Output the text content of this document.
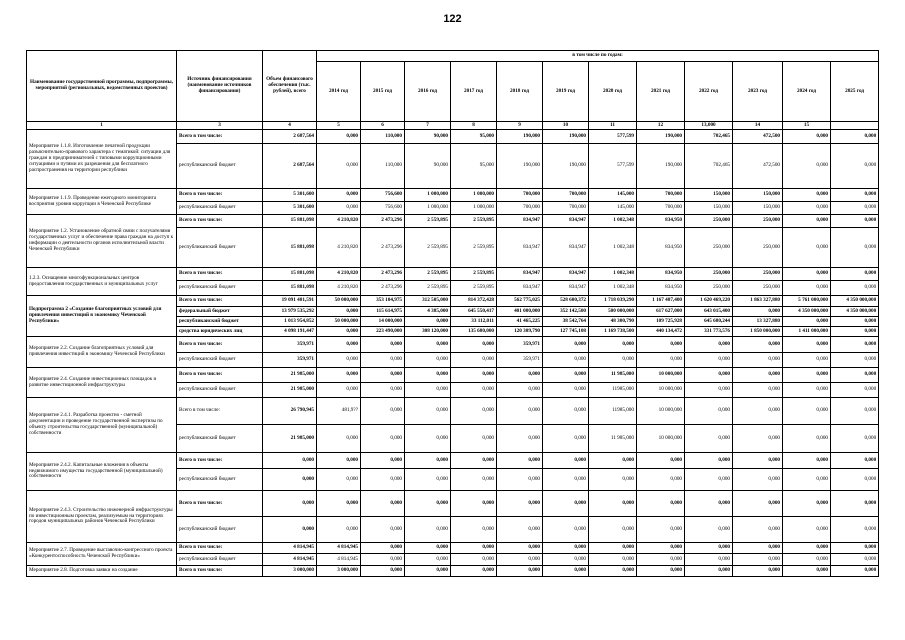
122
Наименование государственной программы, подпрограммы, мероприятий (региональных, ведомственных проектов)	Источник финансирования (наименование источников финансирования)	Объем финансового обеспечения (тыс. рублей), всего	в том числе по годам:											
			2014 год	2015 год	2016 год	2017 год	2018 год	2019 год	2020 год	2021 год	2022 год	2023 год	2024 год	2025 год
1	3	4	5	6	7	8	9	10	11	12	13,000	14	15	
Мероприятие 1.1.8. Изготовление печатной продукции разъяснительно-правового характера с тематикой: ситуации для граждан и предпринимателей с типовыми коррупционными ситуациями и путями их разрешения для бесплатного распространения на территории республики	Всего в том числе:	2 687,564	0,000	110,000	90,000	95,000	190,000	190,000	577,599	190,000	702,465	472,500	0,000	0,000
	республиканский бюджет	2 687,564	0,000	110,000	90,000	95,000	190,000	190,000	577,599	190,000	702,465	472,500	0,000	0,000
Мероприятие 1.1.9. Проведение ежегодного мониторинга восприятия уровня коррупции в Чеченской Республике	Всего в том числе:	5 301,600	0,000	756,600	1 000,000	1 000,000	700,000	700,000	145,000	700,000	150,000	150,000	0,000	0,000
	республиканский бюджет	5 301,600	0,000	756,600	1 000,000	1 000,000	700,000	700,000	145,000	700,000	150,000	150,000	0,000	0,000
Мероприятие 1.2. Установление обратной связи с получателями государственных услуг и обеспечение права граждан на доступ к информации о деятельности органов исполнительной власти Чеченской Республики	Всего в том числе:	15 881,098	4 210,820	2 473,296	2 559,895	2 559,895	834,947	834,947	1 002,348	834,950	250,000	250,000	0,000	0,000
	республиканский бюджет	15 881,098	4 210,820	2 473,296	2 559,895	2 559,895	834,947	834,947	1 002,348	834,950	250,000	250,000	0,000	0,000
1.2.3. Оснащение многофункциональных центров предоставления государственных и муниципальных услуг	Всего в том числе:	15 881,098	4 210,820	2 473,296	2 559,895	2 559,895	834,947	834,947	1 002,348	834,950	250,000	250,000	0,000	0,000
	республиканский бюджет	15 881,098	4 210,820	2 473,296	2 559,895	2 559,895	834,947	834,947	1 002,348	834,950	250,000	250,000	0,000	0,000
Подпрограмма 2 «Создание благоприятных условий для привлечения инвестиций в экономику Чеченской Республики»	Всего в том числе:	19 091 481,591	50 000,000	353 104,975	312 505,000	814 372,428	562 775,025	528 600,372	1 718 039,290	1 167 487,400	1 620 469,220	1 863 327,880	5 761 000,000	4 350 000,000
	федеральный бюджет	13 979 535,292	0,000	115 614,975	4 385,000	645 550,417	401 000,000	352 142,500	500 000,000	617 627,000	643 015,400	0,000	4 350 000,000	4 350 000,000
	республиканский бюджет	1 013 954,852	50 000,000	14 000,000	0,000	33 112,011	41 465,225	38 542,764	48 300,790	109 725,928	645 680,244	13 327,880	0,000	0,000
	средства юридических лиц	4 098 191,447	0,000	223 490,000	308 120,000	135 680,000	120 309,790	127 745,108	1 169 738,500	440 134,472	331 773,576	1 850 000,000	1 411 000,000	0,000
Мероприятие 2.2. Создание благоприятных условий для привлечения инвестиций в экономику Чеченской Республики	Всего в том числе:	359,971	0,000	0,000	0,000	0,000	359,971	0,000	0,000	0,000	0,000	0,000	0,000	0,000
	республиканский бюджет	359,971	0,000	0,000	0,000	0,000	359,971	0,000	0,000	0,000	0,000	0,000	0,000	0,000
Мероприятие 2.4. Создание инвестиционных площадок и развитие инвестиционной инфраструктуры	Всего в том числе:	21 985,000	0,000	0,000	0,000	0,000	0,000	0,000	11 985,000	10 000,000	0,000	0,000	0,000	0,000
	республиканский бюджет	21 985,000	0,000	0,000	0,000	0,000	0,000	0,000	11985,000	10 000,000	0,000	0,000	0,000	0,000
Мероприятие 2.4.1. Разработка проектно - сметной документации и проведение государственной экспертизы по объекту строительства государственной (муниципальной) собственности	Всего в том числе:	26 790,945	481,9??	0,000	0,000	0,000	0,000	0,000	11985,000	10 000,000	0,000	0,000	0,000	0,000
	республиканский бюджет	21 985,000	0,000	0,000	0,000	0,000	0,000	0,000	11 985,000	10 000,000	0,000	0,000	0,000	0,000
Мероприятие 2.4.2. Капитальные вложения в объекты недвижимого имущества государственной (муниципальной) собственности	Всего в том числе:	0,000	0,000	0,000	0,000	0,000	0,000	0,000	0,000	0,000	0,000	0,000	0,000	0,000
	республиканский бюджет	0,000	0,000	0,000	0,000	0,000	0,000	0,000	0,000	0,000	0,000	0,000	0,000	0,000
Мероприятие 2.4.3. Строительство инженерной инфраструктуры по инвестиционным проектам, реализуемым на территориях городов муниципальных районов Чеченской Республики	Всего в том числе:	0,000	0,000	0,000	0,000	0,000	0,000	0,000	0,000	0,000	0,000	0,000	0,000	0,000
	республиканский бюджет	0,000	0,000	0,000	0,000	0,000	0,000	0,000	0,000	0,000	0,000	0,000	0,000	0,000
Мероприятие 2.7. Проведение выставочно-конгрессного проекта «Конкурентоспособность Чеченской Республики»	Всего в том числе:	4 814,945	4 814,945	0,000	0,000	0,000	0,000	0,000	0,000	0,000	0,000	0,000	0,000	0,000
	республиканский бюджет	4 814,945	4 814,945	0,000	0,000	0,000	0,000	0,000	0,000	0,000	0,000	0,000	0,000	0,000
Мероприятие 2.8. Подготовка заявки на создание	Всего в том числе:	3 000,000	3 000,000	0,000	0,000	0,000	0,000	0,000	0,000	0,000	0,000	0,000	0,000	0,000
